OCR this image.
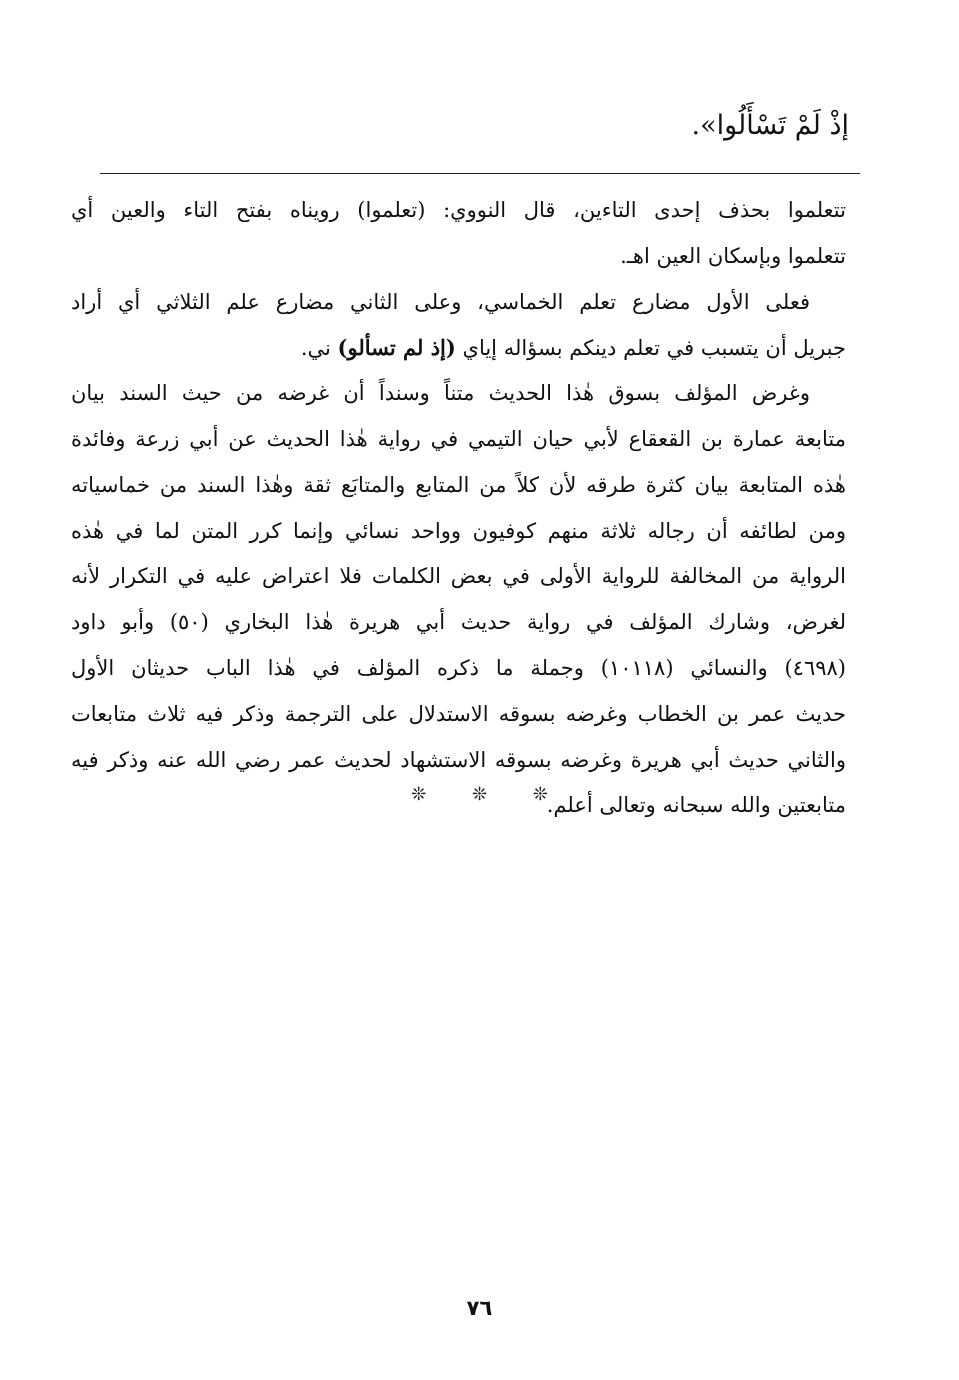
إذْ لَمْ تَسْأَلُوا».
تتعلموا بحذف إحدى التاءين، قال النووي: (تعلموا) رويناه بفتح التاء والعين أي
تتعلموا وبإسكان العين اهـ.
فعلى الأول مضارع تعلم الخماسي، وعلى الثاني مضارع علم الثلاثي أي أراد
جبريل أن يتسبب في تعلم دينكم بسؤاله إياي (إذ لم تسألو) ني.
وغرض المؤلف بسوق هٰذا الحديث متناً وسنداً أن غرضه من حيث السند بيان
متابعة عمارة بن القعقاع لأبي حيان التيمي في رواية هٰذا الحديث عن أبي زرعة وفائدة
هٰذه المتابعة بيان كثرة طرقه لأن كلاً من المتابع والمتابَع ثقة وهٰذا السند من خماسياته
ومن لطائفه أن رجاله ثلاثة منهم كوفيون وواحد نسائي وإنما كرر المتن لما في هٰذه
الرواية من المخالفة للرواية الأولى في بعض الكلمات فلا اعتراض عليه في التكرار لأنه
لغرض، وشارك المؤلف في رواية حديث أبي هريرة هٰذا البخاري (٥٠) وأبو داود
(٤٦٩٨) والنسائي (١٠١١٨) وجملة ما ذكره المؤلف في هٰذا الباب حديثان الأول
حديث عمر بن الخطاب وغرضه بسوقه الاستدلال على الترجمة وذكر فيه ثلاث متابعات
والثاني حديث أبي هريرة وغرضه بسوقه الاستشهاد لحديث عمر رضي الله عنه وذكر فيه
متابعتين والله سبحانه وتعالى أعلم.
❊ ❊ ❊
٧٦
